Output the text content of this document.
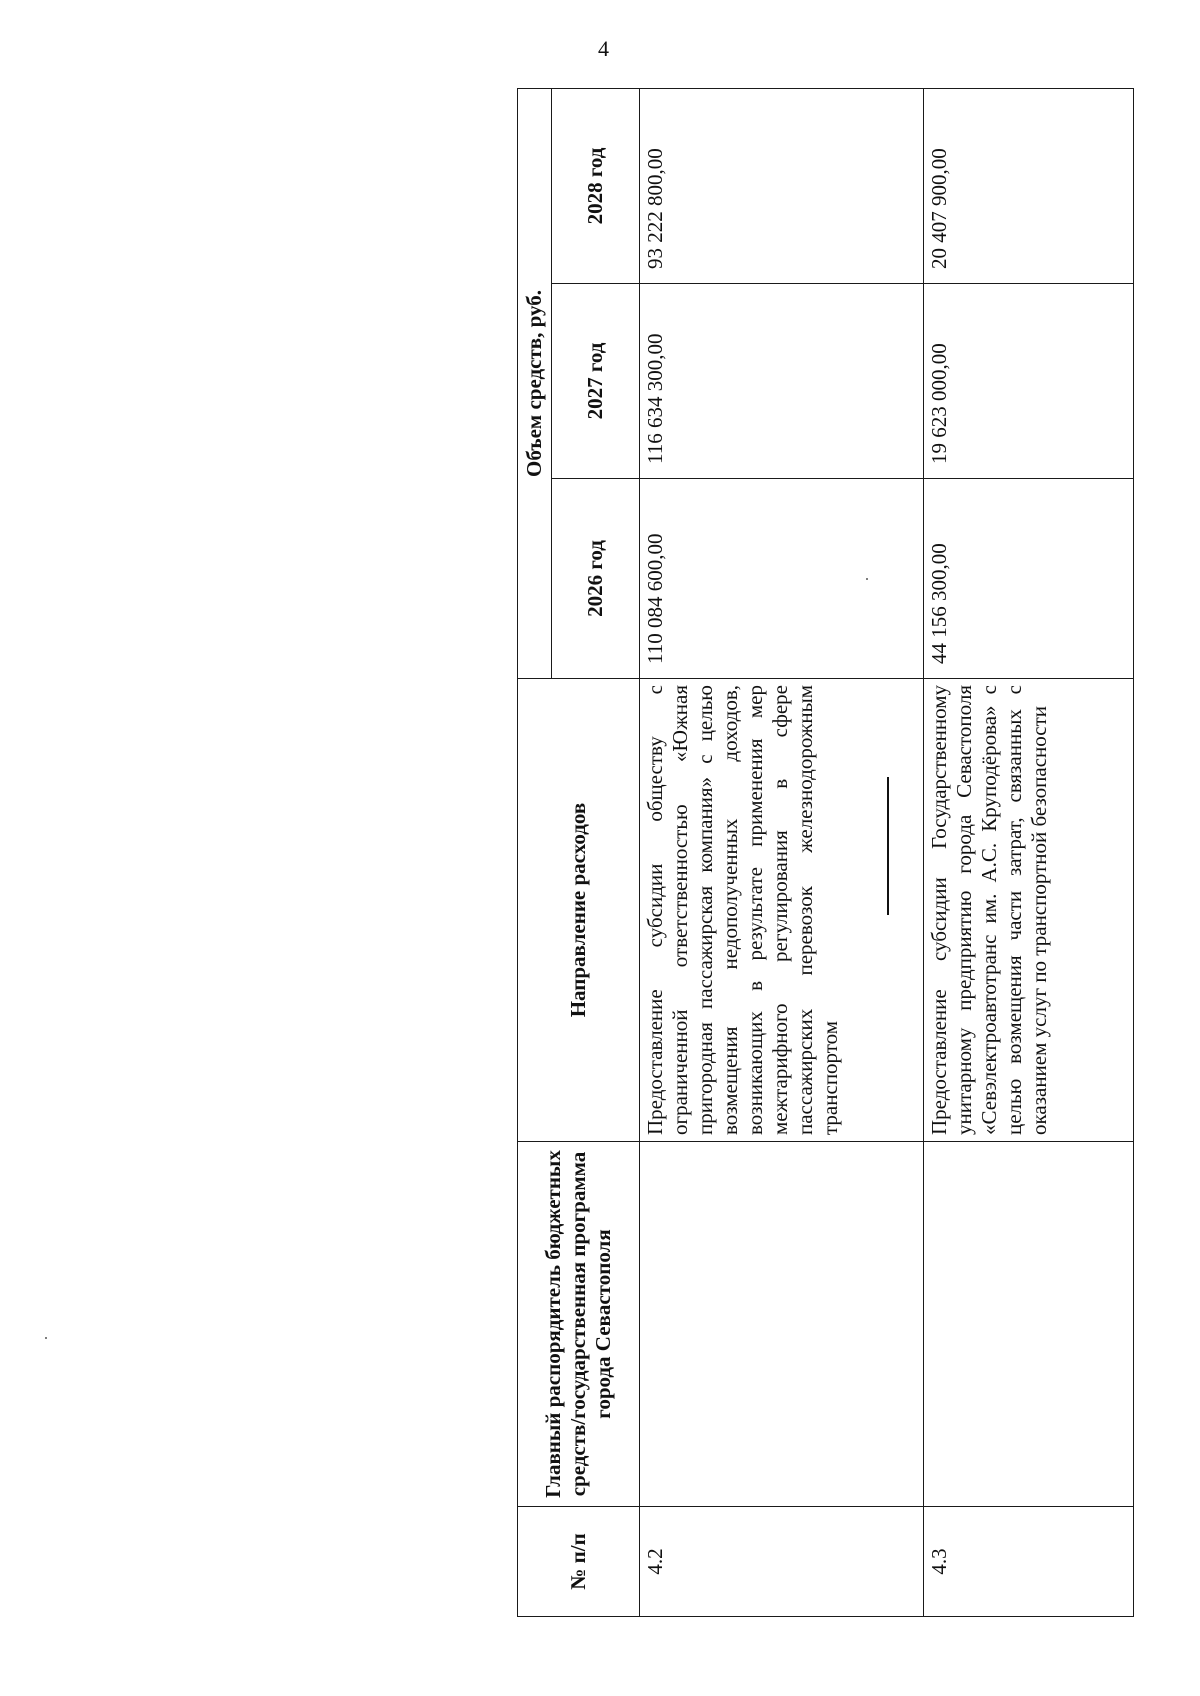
4
№ п/п	Главный распорядитель бюджетных средств/государственная программа города Севастополя	Направление расходов	Объем средств, руб.		
			2026 год	2027 год	2028 год
4.2		Предоставление субсидии обществу с ограниченной ответственностью «Южная пригородная пассажирская компания» с целью возмещения недополученных доходов, возникающих в результате применения мер межтарифного регулирования в сфере пассажирских перевозок железнодорожным транспортом	110 084 600,00	116 634 300,00	93 222 800,00
4.3		Предоставление субсидии Государственному унитарному предприятию города Севастополя «Севэлектроавтотранс им. А.С. Круподёрова» с целью возмещения части затрат, связанных с оказанием услуг по транспортной безопасности	44 156 300,00	19 623 000,00	20 407 900,00
